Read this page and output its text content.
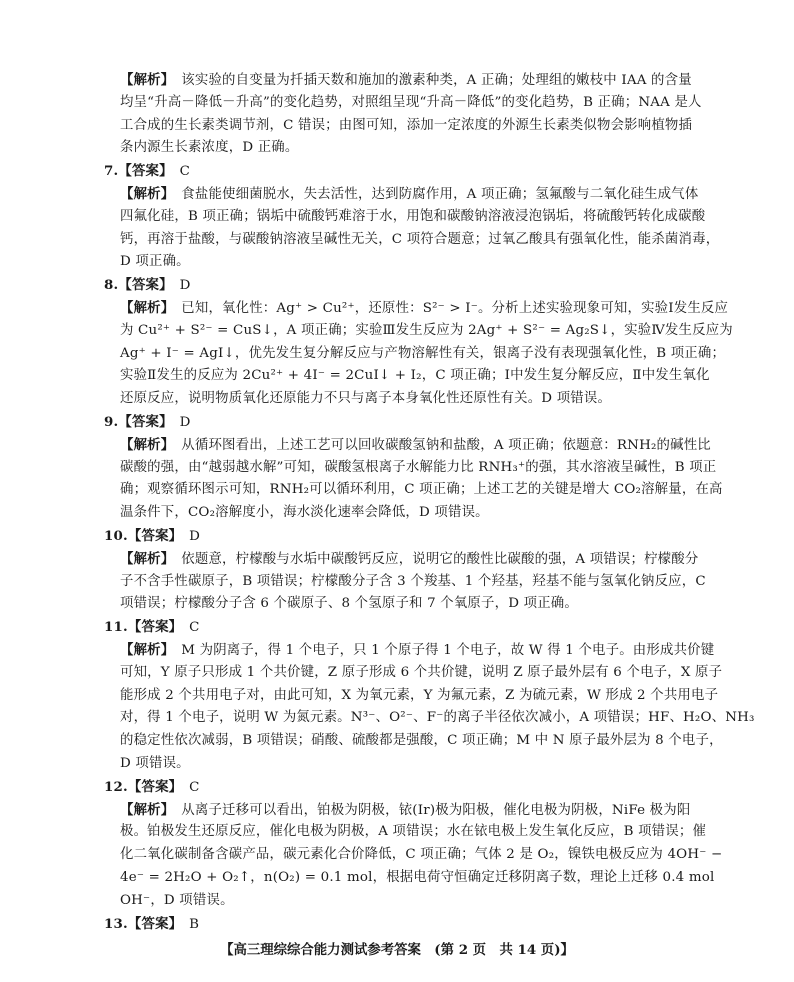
【解析】　该实验的自变量为扦插天数和施加的激素种类，A 正确；处理组的嫩枝中 IAA 的含量
均呈“升高－降低－升高”的变化趋势，对照组呈现“升高－降低”的变化趋势，B 正确；NAA 是人
工合成的生长素类调节剂，C 错误；由图可知，添加一定浓度的外源生长素类似物会影响植物插
条内源生长素浓度，D 正确。
7.【答案】　C
【解析】　食盐能使细菌脱水，失去活性，达到防腐作用，A 项正确；氢氟酸与二氧化硅生成气体
四氟化硅，B 项正确；锅垢中硫酸钙难溶于水，用饱和碳酸钠溶液浸泡锅垢，将硫酸钙转化成碳酸
钙，再溶于盐酸，与碳酸钠溶液呈碱性无关，C 项符合题意；过氧乙酸具有强氧化性，能杀菌消毒，
D 项正确。
8.【答案】　D
【解析】　已知，氧化性：Ag⁺ > Cu²⁺，还原性：S²⁻ > I⁻。分析上述实验现象可知，实验Ⅰ发生反应
为 Cu²⁺ + S²⁻ = CuS↓，A 项正确；实验Ⅲ发生反应为 2Ag⁺ + S²⁻ = Ag₂S↓，实验Ⅳ发生反应为
Ag⁺ + I⁻ = AgI↓，优先发生复分解反应与产物溶解性有关，银离子没有表现强氧化性，B 项正确；
实验Ⅱ发生的反应为 2Cu²⁺ + 4I⁻ = 2CuI↓ + I₂，C 项正确；Ⅰ中发生复分解反应，Ⅱ中发生氧化
还原反应，说明物质氧化还原能力不只与离子本身氧化性还原性有关。D 项错误。
9.【答案】　D
【解析】　从循环图看出，上述工艺可以回收碳酸氢钠和盐酸，A 项正确；依题意：RNH₂的碱性比
碳酸的强，由“越弱越水解”可知，碳酸氢根离子水解能力比 RNH₃⁺的强，其水溶液呈碱性，B 项正
确；观察循环图示可知，RNH₂可以循环利用，C 项正确；上述工艺的关键是增大 CO₂溶解量，在高
温条件下，CO₂溶解度小，海水淡化速率会降低，D 项错误。
10.【答案】　D
【解析】　依题意，柠檬酸与水垢中碳酸钙反应，说明它的酸性比碳酸的强，A 项错误；柠檬酸分
子不含手性碳原子，B 项错误；柠檬酸分子含 3 个羧基、1 个羟基，羟基不能与氢氧化钠反应，C
项错误；柠檬酸分子含 6 个碳原子、8 个氢原子和 7 个氧原子，D 项正确。
11.【答案】　C
【解析】　M 为阴离子，得 1 个电子，只 1 个原子得 1 个电子，故 W 得 1 个电子。由形成共价键
可知，Y 原子只形成 1 个共价键，Z 原子形成 6 个共价键，说明 Z 原子最外层有 6 个电子，X 原子
能形成 2 个共用电子对，由此可知，X 为氧元素，Y 为氟元素，Z 为硫元素，W 形成 2 个共用电子
对，得 1 个电子，说明 W 为氮元素。N³⁻、O²⁻、F⁻的离子半径依次减小，A 项错误；HF、H₂O、NH₃
的稳定性依次减弱，B 项错误；硝酸、硫酸都是强酸，C 项正确；M 中 N 原子最外层为 8 个电子，
D 项错误。
12.【答案】　C
【解析】　从离子迁移可以看出，铂极为阴极，铱(Ir)极为阳极，催化电极为阴极，NiFe 极为阳
极。铂极发生还原反应，催化电极为阴极，A 项错误；水在铱电极上发生氧化反应，B 项错误；催
化二氧化碳制备含碳产品，碳元素化合价降低，C 项正确；气体 2 是 O₂，镍铁电极反应为 4OH⁻ −
4e⁻ = 2H₂O + O₂↑，n(O₂) = 0.1 mol，根据电荷守恒确定迁移阴离子数，理论上迁移 0.4 mol
OH⁻，D 项错误。
13.【答案】　B
【高三理综综合能力测试参考答案　(第 2 页　共 14 页)】
